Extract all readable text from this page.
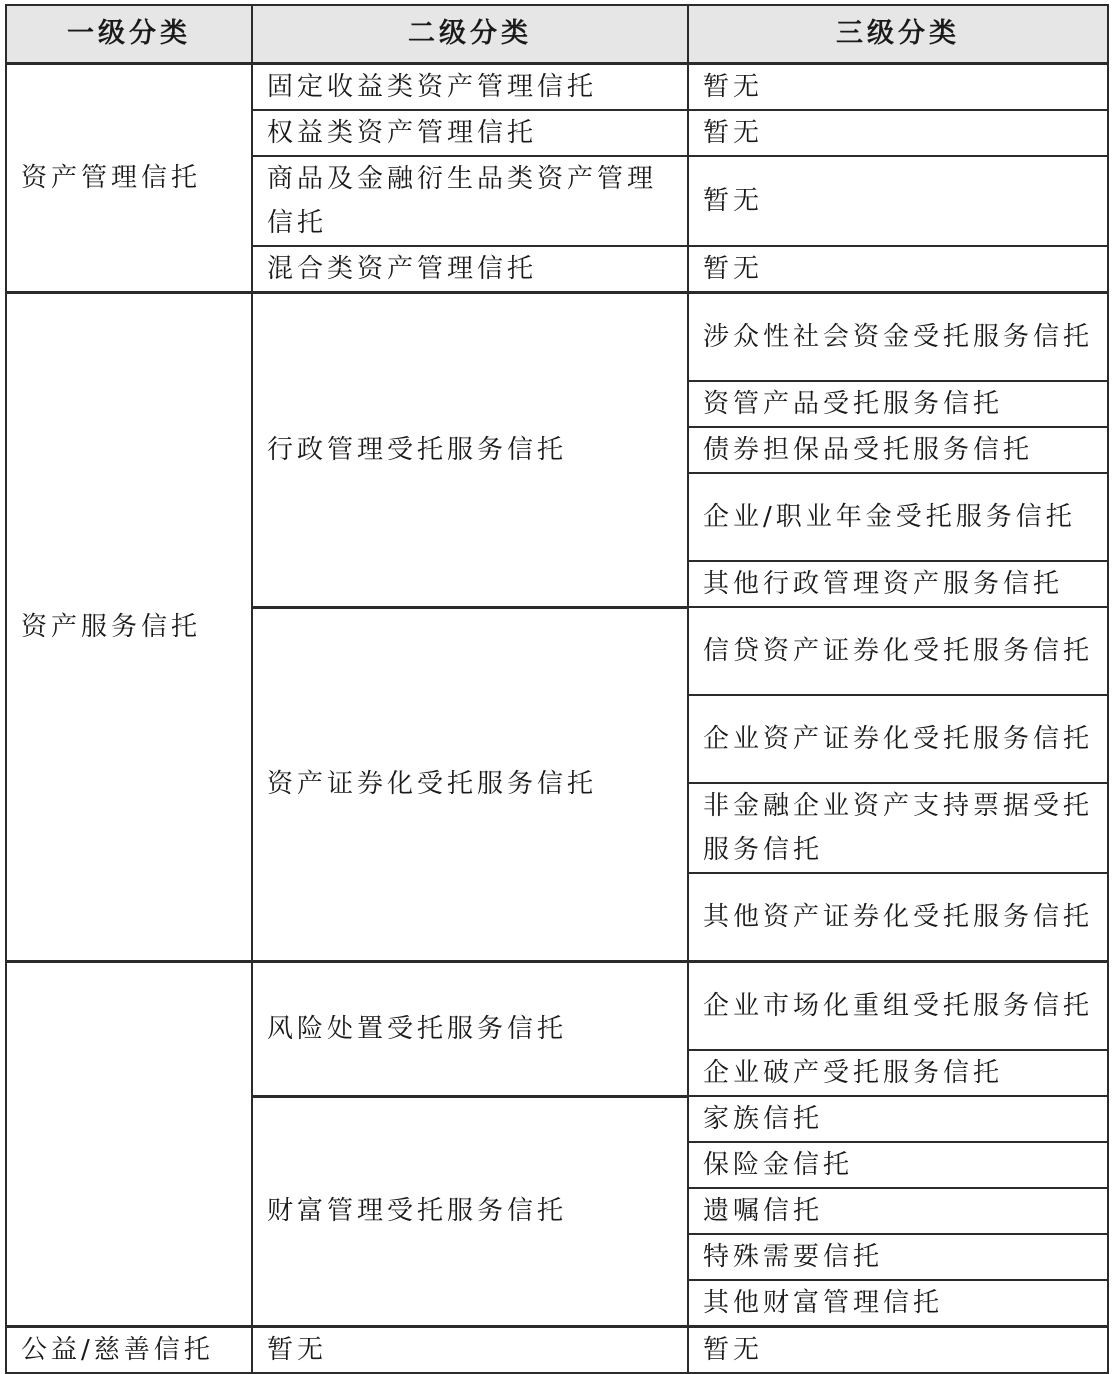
一级分类	二级分类	三级分类
资产管理信托	固定收益类资产管理信托	暂无
	权益类资产管理信托	暂无
	商品及金融衍生品类资产管理信托	暂无
	混合类资产管理信托	暂无
资产服务信托	行政管理受托服务信托	涉众性社会资金受托服务信托
		资管产品受托服务信托
		债券担保品受托服务信托
		企业/职业年金受托服务信托
		其他行政管理资产服务信托
	资产证券化受托服务信托	信贷资产证券化受托服务信托
		企业资产证券化受托服务信托
		非金融企业资产支持票据受托服务信托
		其他资产证券化受托服务信托
	风险处置受托服务信托	企业市场化重组受托服务信托
		企业破产受托服务信托
	财富管理受托服务信托	家族信托
		保险金信托
		遗嘱信托
		特殊需要信托
		其他财富管理信托
公益/慈善信托	暂无	暂无
